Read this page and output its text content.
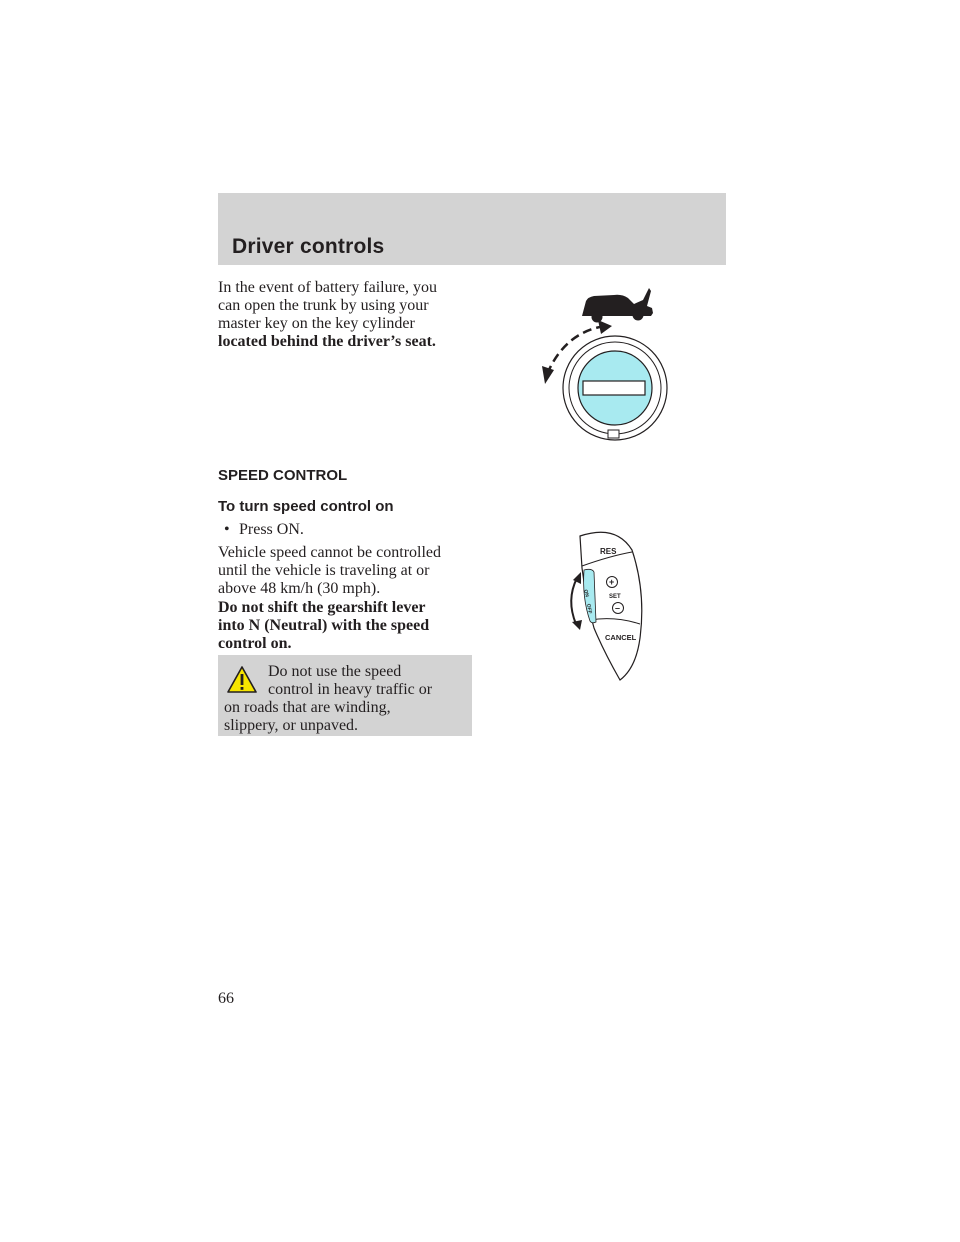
Driver controls

In the event of battery failure, you

can open the trunk by using your

master key on the key cylinder

located behind the driver’s seat.

SPEED CONTROL
To turn speed control on
• Press ON.

Vehicle speed cannot be controlled

until the vehicle is traveling at or

above 48 km/h (30 mph).

Do not shift the gearshift lever

into N (Neutral) with the speed

control on.

Do not use the speed
control in heavy traffic or
on roads that are winding,
slippery, or unpaved.
ON
OFF
RES
+
SET
–
CANCEL
66
